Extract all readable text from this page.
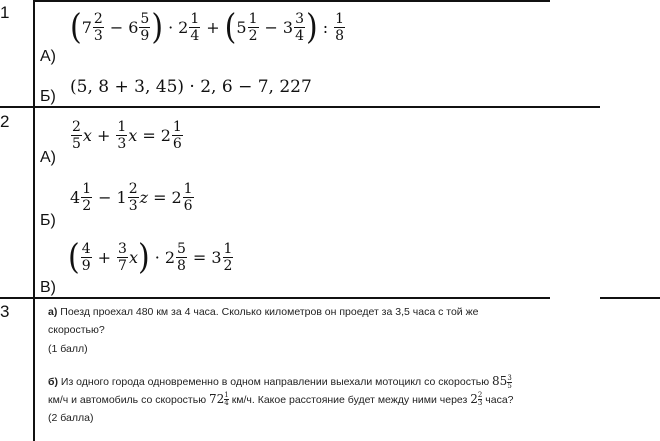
1
А)
( $7 \frac{2}{3} - 6 \frac{5}{9}$ ) · $2 \frac{1}{4}$ + ( $5 \frac{1}{2} - 3 \frac{3}{4}$ ) : $\frac{1}{8}$
Б) (5, 8 + 3, 45) · 2, 6 − 7, 227
2
А)
$\frac{2}{5}$ $x + \frac{1}{3}$ $x = 2 \frac{1}{6}$
Б)
$4 \frac{1}{2} - 1 \frac{2}{3}$ $z = 2 \frac{1}{6}$
В)
( $\frac{4}{9} + \frac{3}{7}$ x ) · $2 \frac{5}{8} = 3 \frac{1}{2}$
3	а) Поезд проехал 480 км за 4 часа. Сколько километров он проедет за 3,5 часа с той же
скоростью?
(1 балл)
б) Из одного города одновременно в одном направлении выехали мотоцикл со скоростью $85 \frac{3}{5}$
км/ч и автомобиль со скоростью $72 \frac{1}{4} км/ч$. Какое расстояние будет между ними через $2 \frac{2}{3}$ часа?
(2 балла)
